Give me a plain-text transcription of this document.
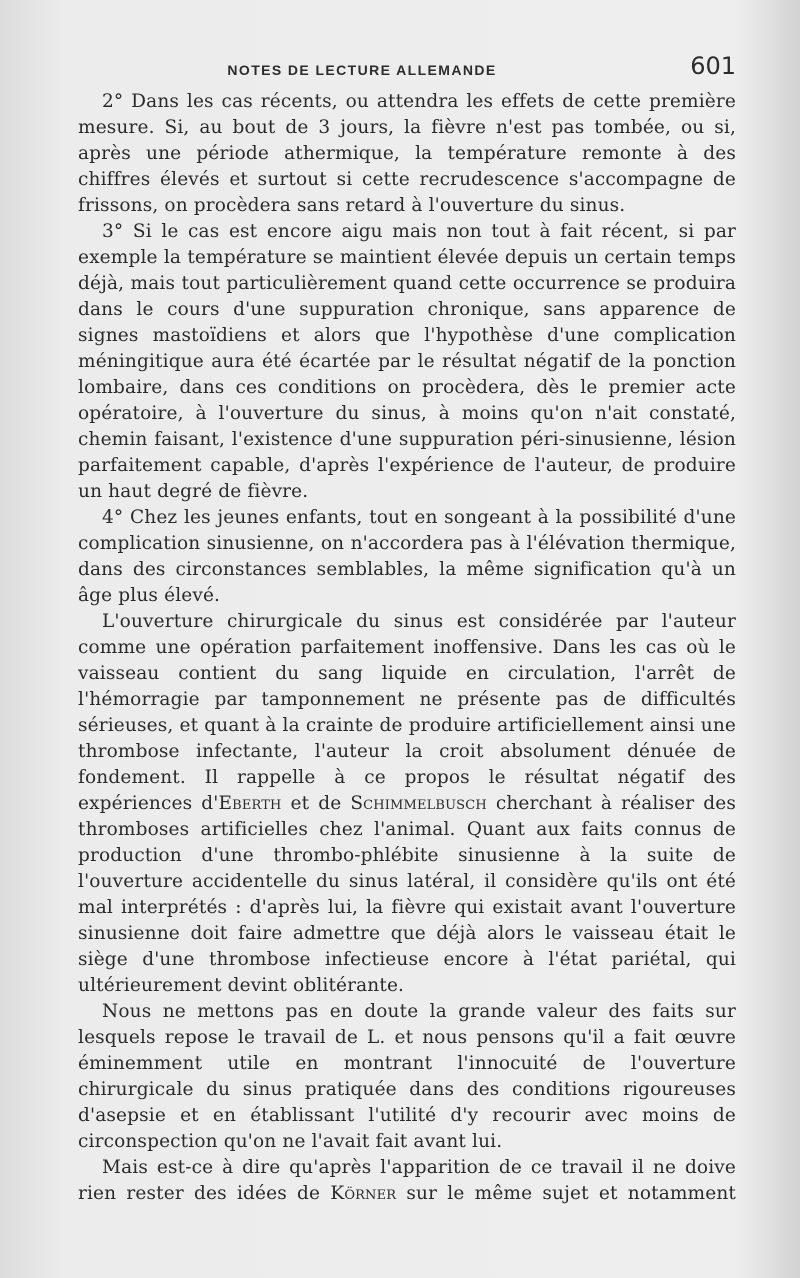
NOTES DE LECTURE ALLEMANDE	601

2° Dans les cas récents, ou attendra les effets de cette première mesure. Si, au bout de 3 jours, la fièvre n'est pas tombée, ou si, après une période athermique, la température remonte à des chiffres élevés et surtout si cette recrudescence s'accompagne de frissons, on procèdera sans retard à l'ouverture du sinus.

3° Si le cas est encore aigu mais non tout à fait récent, si par exemple la température se maintient élevée depuis un certain temps déjà, mais tout particulièrement quand cette occurrence se produira dans le cours d'une suppuration chronique, sans apparence de signes mastoïdiens et alors que l'hypothèse d'une complication méningitique aura été écartée par le résultat négatif de la ponction lombaire, dans ces conditions on procèdera, dès le premier acte opératoire, à l'ouverture du sinus, à moins qu'on n'ait constaté, chemin faisant, l'existence d'une suppuration péri-sinusienne, lésion parfaitement capable, d'après l'expérience de l'auteur, de produire un haut degré de fièvre.

4° Chez les jeunes enfants, tout en songeant à la possibilité d'une complication sinusienne, on n'accordera pas à l'élévation thermique, dans des circonstances semblables, la même signification qu'à un âge plus élevé.

L'ouverture chirurgicale du sinus est considérée par l'auteur comme une opération parfaitement inoffensive. Dans les cas où le vaisseau contient du sang liquide en circulation, l'arrêt de l'hémorragie par tamponnement ne présente pas de difficultés sérieuses, et quant à la crainte de produire artificiellement ainsi une thrombose infectante, l'auteur la croit absolument dénuée de fondement. Il rappelle à ce propos le résultat négatif des expériences d'Eberth et de Schimmelbusch cherchant à réaliser des thromboses artificielles chez l'animal. Quant aux faits connus de production d'une thrombo-phlébite sinusienne à la suite de l'ouverture accidentelle du sinus latéral, il considère qu'ils ont été mal interprétés : d'après lui, la fièvre qui existait avant l'ouverture sinusienne doit faire admettre que déjà alors le vaisseau était le siège d'une thrombose infectieuse encore à l'état pariétal, qui ultérieurement devint oblitérante.

Nous ne mettons pas en doute la grande valeur des faits sur lesquels repose le travail de L. et nous pensons qu'il a fait œuvre éminemment utile en montrant l'innocuité de l'ouverture chirurgicale du sinus pratiquée dans des conditions rigoureuses d'asepsie et en établissant l'utilité d'y recourir avec moins de circonspection qu'on ne l'avait fait avant lui.

Mais est-ce à dire qu'après l'apparition de ce travail il ne doive rien rester des idées de Körner sur le même sujet et notamment
